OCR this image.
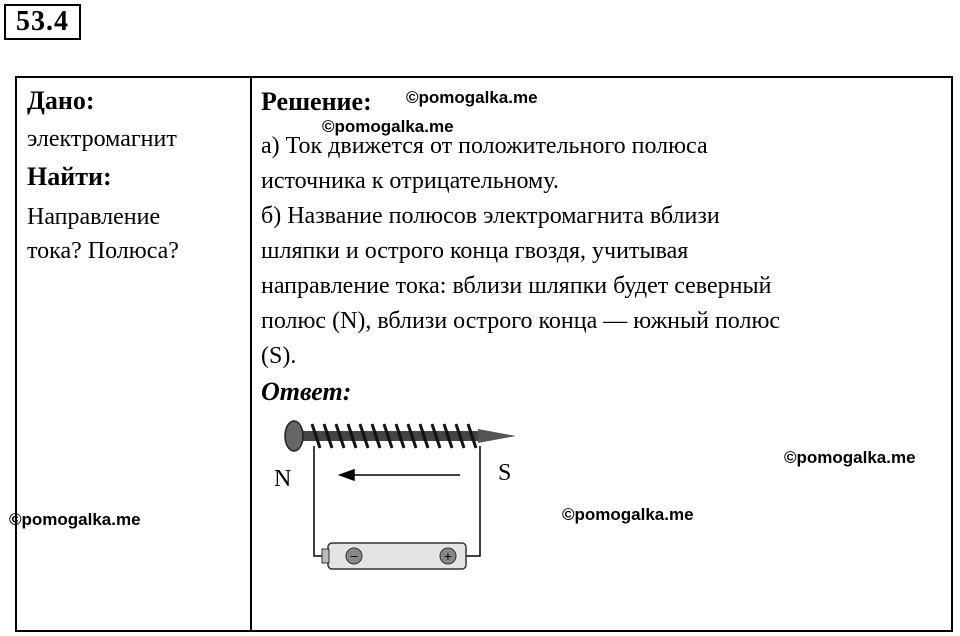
53.4
Дано:
электромагнит
Найти:
Направление
тока? Полюса?
Решение:
а) Ток движется от положительного полюса
источника к отрицательному.
б) Название полюсов электромагнита вблизи
шляпки и острого конца гвоздя, учитывая
направление тока: вблизи шляпки будет северный
полюс (N), вблизи острого конца — южный полюс
(S).
Ответ:
−	+
N	S
©pomogalka.me
©pomogalka.me
©pomogalka.me
©pomogalka.me
©pomogalka.me
